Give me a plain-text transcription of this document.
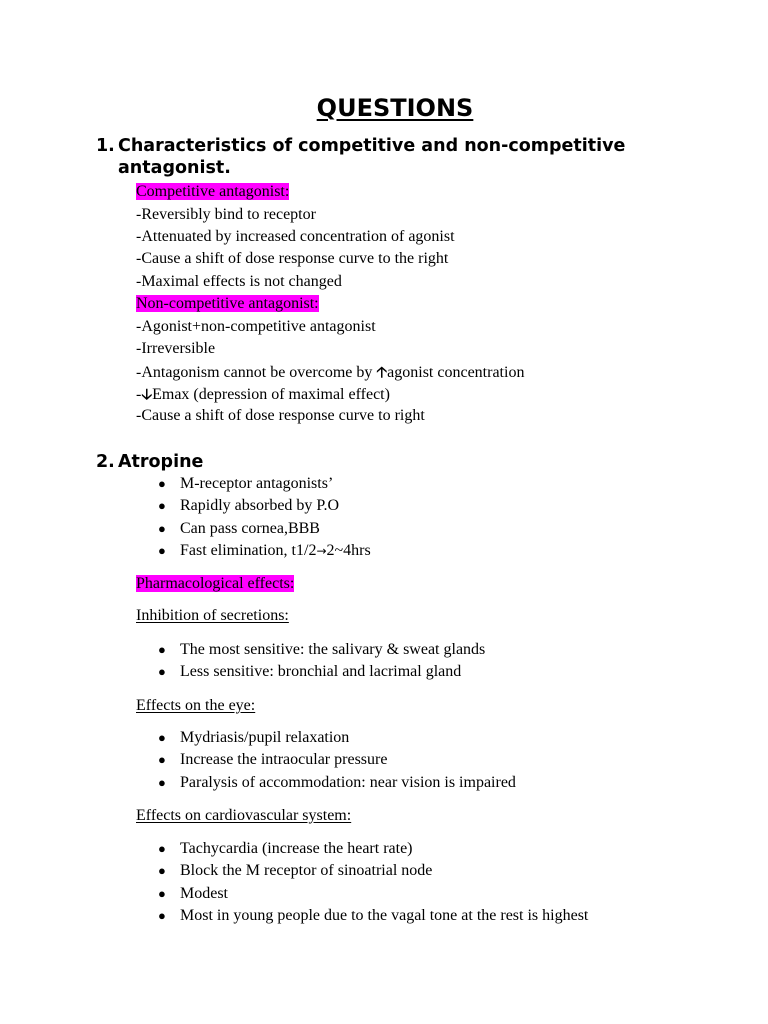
QUESTIONS
1. Characteristics of competitive and non-competitive
antagonist.
Competitive antagonist:
-Reversibly bind to receptor
-Attenuated by increased concentration of agonist
-Cause a shift of dose response curve to the right
-Maximal effects is not changed
Non-competitive antagonist:
-Agonist+non-competitive antagonist
-Irreversible
-Antagonism cannot be overcome by 🡡agonist concentration
-🡣Emax (depression of maximal effect)
-Cause a shift of dose response curve to right
2. Atropine
● M-receptor antagonists’
● Rapidly absorbed by P.O
● Can pass cornea,BBB
● Fast elimination, t1/2→2~4hrs
Pharmacological effects:
Inhibition of secretions:
● The most sensitive: the salivary & sweat glands
● Less sensitive: bronchial and lacrimal gland
Effects on the eye:
● Mydriasis/pupil relaxation
● Increase the intraocular pressure
● Paralysis of accommodation: near vision is impaired
Effects on cardiovascular system:
● Tachycardia (increase the heart rate)
● Block the M receptor of sinoatrial node
● Modest
● Most in young people due to the vagal tone at the rest is highest
